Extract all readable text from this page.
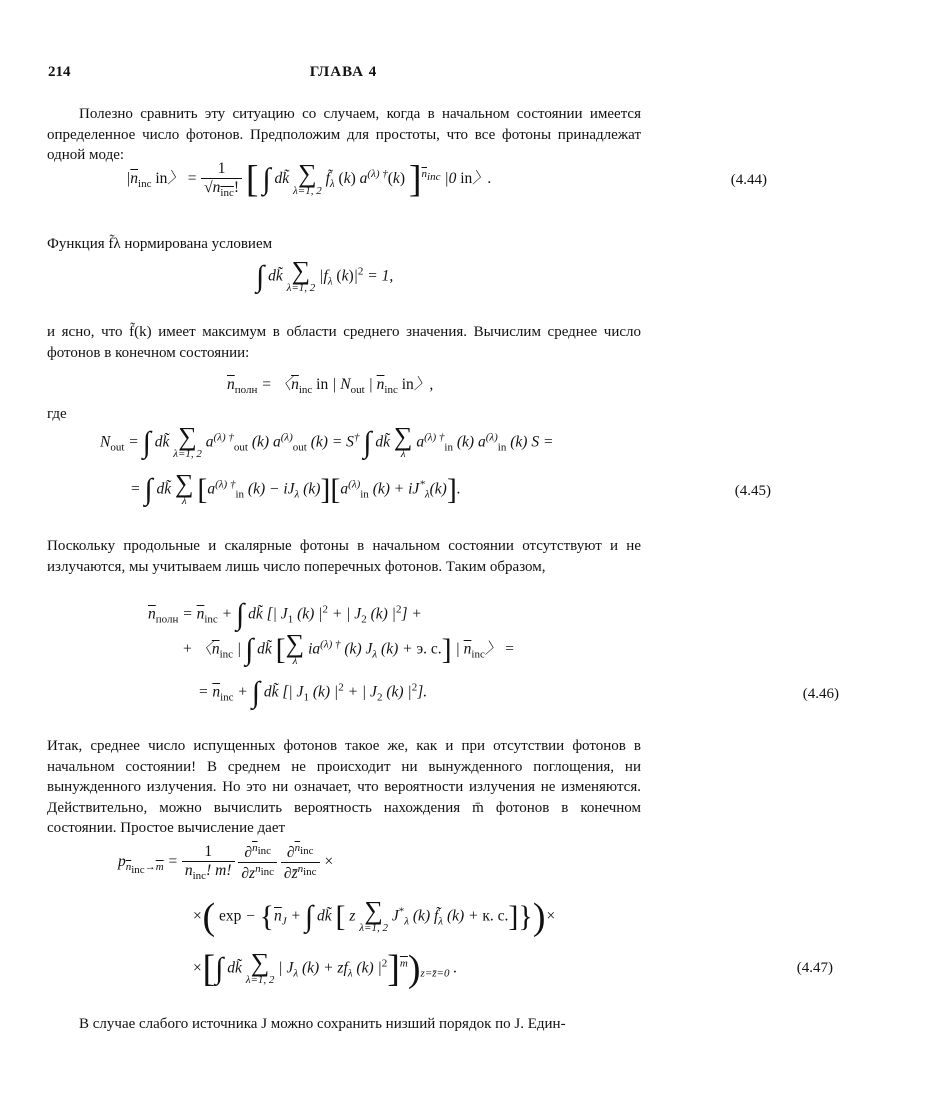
214	ГЛАВА 4

Полезно сравнить эту ситуацию со случаем, когда в начальном состоянии имеется определенное число фотонов. Предположим для простоты, что все фотоны принадлежат одной моде:

$|\overline{n}_{inc}$ in〉 = $\frac{1}{√n_{inc}!}$ [ ∫ dk̃ ∑
λ=1, 2
$f̃_\lambda$ (k) $a^{(\lambda) \dagger}(k)$ ]$^{\overline{n}_{inc}}$ |0 in〉.	(4.44)

Функция f̃λ нормирована условием

∫ dk̃ ∑
λ=1, 2
$|f_\lambda$ $(k)|^2 = 1$,

и ясно, что f̃(k) имеет максимум в области среднего значения. Вычислим среднее число фотонов в конечном состоянии:

$\overline{n}_{полн}$ = 〈$\overline{n}_{inc}$ in | $N_{out}$ | $\overline{n}_{inc}$ in〉,

где

$N_{out}$ = ∫ dk̃ ∑
λ=1, 2
$a^{(\lambda) \dagger}_{out}$ (k) $a^{(\lambda)}_{out}$ (k) = S† ∫ dk̃ ∑
λ
$a^{(\lambda) \dagger}_{in}$ (k) $a^{(\lambda)}_{in}$ (k) S =
= ∫ dk̃ ∑
λ [$a^{(\lambda) \dagger}_{in}$ $(k) - iJ_\lambda$ $(k)][a^{(\lambda)}_{in}$ $(k) + iJ^*_\lambda(k)$].	(4.45)

Поскольку продольные и скалярные фотоны в начальном состоянии отсутствуют и не излучаются, мы учитываем лишь число поперечных фотонов. Таким образом,

$\overline{n}_{полн} = \overline{n}_{inc}$ + ∫ dk̃ [| $J_1$ (k) $|^2$ + | $J_2$ (k) $|^2$] +
+ 〈$\overline{n}_{inc}$ | ∫ dk̃ [ ∑
λ
$ia^{(\lambda) \dagger}$ (k) $J_\lambda$ (k) + э. с.] | $\overline{n}_{inc}$〉 =
= $\overline{n}_{inc}$ + ∫ dk̃ [| $J_1$ (k) $|^2$ + | $J_2$ (k) $|^2$].	(4.46)

Итак, среднее число испущенных фотонов такое же, как и при отсутствии фотонов в начальном состоянии! В среднем не происходит ни вынужденного поглощения, ни вынужденного излучения. Но это ни означает, что вероятности излучения не изменяются. Действительно, можно вычислить вероятность нахождения m̄ фотонов в конечном состоянии. Простое вычисление дает

$p_{\overline{n}_{inc}\to\overline{m}} = \frac{1}{\overline{n}_{inc}! \overline{m}!}$
$\frac{\partial^{\overline{n}_{inc}}}{\partial z^{\overline{n}_{inc}}}$
$\frac{\partial^{\overline{n}_{inc}}}{\partial z̄^{\overline{n}_{inc}}}$ ×
×( $\exp - \{\overline{n}_J$ + ∫ dk̃ [ z ∑
λ=1, 2
$J^*_\lambda$ (k) $f̃_\lambda$ (k) + к. с.]})×
×[∫ dk̃ ∑
λ=1, 2
| $J_\lambda$ $(k) + zf_\lambda$ (k) $|^2]^{\overline{m}})_{z=z̄=0}$ .	(4.47)

В случае слабого источника J можно сохранить низший порядок по J. Един-
